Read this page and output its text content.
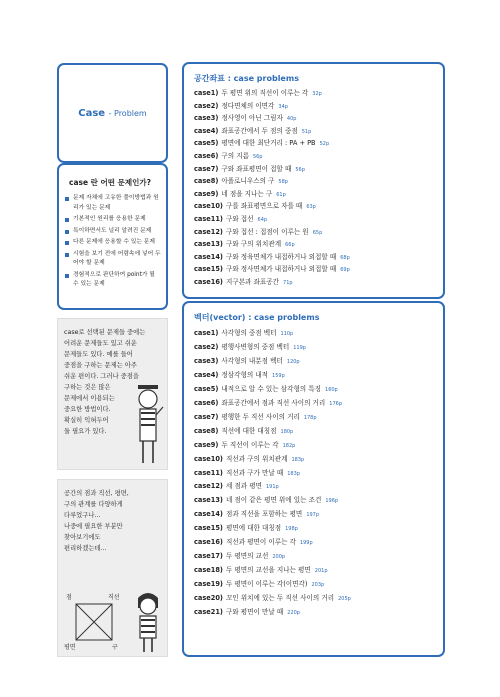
Case - Problem
case 란 어떤 문제인가?
문제 자체에 고유한 풀이방법과 원리가 있는 문제
기본적인 원리를 응용한 문제
특이하면서도 널리 알려진 문제
다른 문제에 응용할 수 있는 문제
시험을 보기 전에 어렴속에 넣어 두어야 할 문제
경험적으로 판단하여 point가 될 수 있는 문제
case로 선택된 문제들 중에는
어려운 문제들도 있고 쉬운
문제들도 있다. 예를 들어
중점을 구하는 문제는 아주
쉬운 편이다. 그러나 중점을
구하는 것은 많은
문제에서 이용되는
중요한 방법이다.
확실히 익혀두어
둘 필요가 있다.
공간의 점과 직선, 평면,
구의 관계를 다양하게
다루었구나...
나중에 필요한 부분만
찾아보기에도
편리하겠는데...
점	직선
평면	구
공간좌표 : case problems
case1) 두 평면 위의 직선이 이루는 각 32p
case2) 정다면체의 이면각 34p
case3) 정사영이 아닌 그림자 40p
case4) 좌표공간에서 두 점의 중점 51p
case5) 평면에 대한 최단거리 : PA + PB 52p
case6) 구의 지름 56p
case7) 구와 좌표평면이 접할 때 56p
case8) 아폴로니우스의 구 58p
case9) 네 점을 지나는 구 61p
case10) 구를 좌표평면으로 자를 때 63p
case11) 구와 접선 64p
case12) 구와 접선 : 접점이 이루는 원 65p
case13) 구와 구의 위치관계 66p
case14) 구와 정육면체가 내접하거나 외접할 때 68p
case15) 구와 정사면체가 내접하거나 외접할 때 69p
case16) 지구본과 좌표공간 71p
벡터(vector) : case problems
case1) 사각형의 중점 벡터 110p
case2) 평행사변형의 중점 벡터 119p
case3) 사각형의 내분점 벡터 120p
case4) 정삼각형의 내적 159p
case5) 내적으로 알 수 있는 삼각형의 특징 160p
case6) 좌표공간에서 점과 직선 사이의 거리 176p
case7) 평행한 두 직선 사이의 거리 178p
case8) 직선에 대한 대칭점 180p
case9) 두 직선이 이루는 각 182p
case10) 직선과 구의 위치관계 183p
case11) 직선과 구가 만날 때 183p
case12) 세 점과 평면 191p
case13) 네 점이 같은 평면 위에 있는 조건 196p
case14) 점과 직선을 포함하는 평면 197p
case15) 평면에 대한 대칭점 198p
case16) 직선과 평면이 이루는 각 199p
case17) 두 평면의 교선 200p
case18) 두 평면의 교선을 지나는 평면 201p
case19) 두 평면이 이루는 각(이면각) 203p
case20) 꼬인 위치에 있는 두 직선 사이의 거리 205p
case21) 구와 평면이 만날 때 220p
